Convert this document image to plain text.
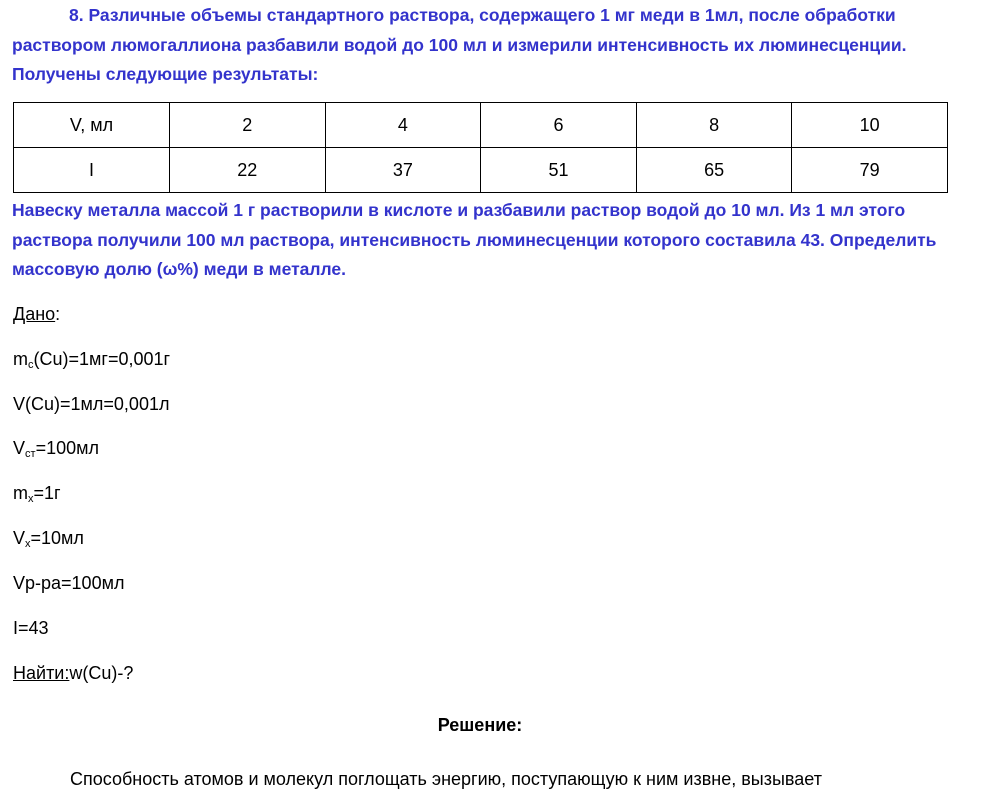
8. Различные объемы стандартного раствора, содержащего 1 мг меди в 1мл, после обработки раствором люмогаллиона разбавили водой до 100 мл и измерили интенсивность их люминесценции. Получены следующие результаты:
V, мл	2	4	6	8	10
I	22	37	51	65	79
Навеску металла массой 1 г растворили в кислоте и разбавили раствор водой до 10 мл. Из 1 мл этого раствора получили 100 мл раствора, интенсивность люминесценции которого составила 43. Определить массовую долю (ω%) меди в металле.
Дано:
$m_c(Cu)=1мг=0,001г$
V(Cu)=1мл=0,001л
$V_{ст}=100мл$
$m_x=1г$
$V_x=10мл$
Vр-ра=100мл
I=43
Найти:w(Cu)-?
Решение:
Способность атомов и молекул поглощать энергию, поступающую к ним извне, вызывает
